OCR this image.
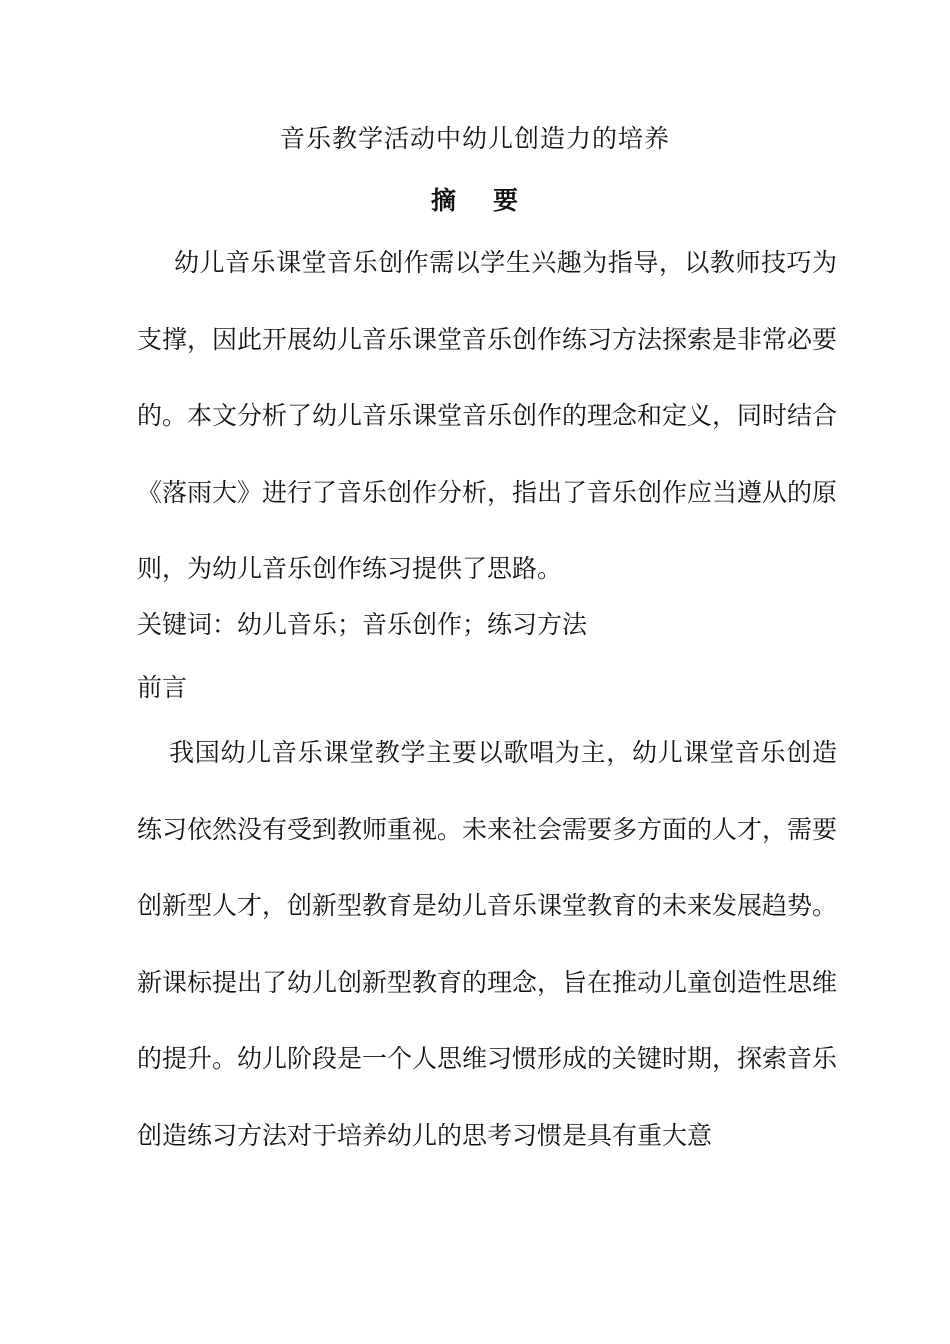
音乐教学活动中幼儿创造力的培养
摘 要
幼儿音乐课堂音乐创作需以学生兴趣为指导，以教师技巧为支撑，因此开展幼儿音乐课堂音乐创作练习方法探索是非常必要的。本文分析了幼儿音乐课堂音乐创作的理念和定义，同时结合《落雨大》进行了音乐创作分析，指出了音乐创作应当遵从的原则，为幼儿音乐创作练习提供了思路。
关键词：幼儿音乐；音乐创作；练习方法
前言
我国幼儿音乐课堂教学主要以歌唱为主，幼儿课堂音乐创造练习依然没有受到教师重视。未来社会需要多方面的人才，需要创新型人才，创新型教育是幼儿音乐课堂教育的未来发展趋势。新课标提出了幼儿创新型教育的理念，旨在推动儿童创造性思维的提升。幼儿阶段是一个人思维习惯形成的关键时期，探索音乐创造练习方法对于培养幼儿的思考习惯是具有重大意
